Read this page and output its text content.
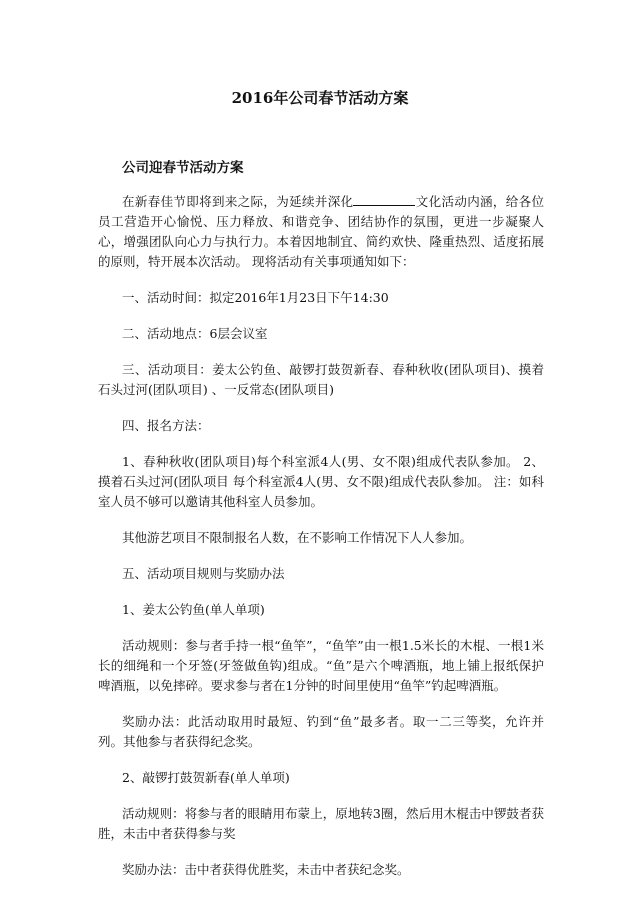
2016年公司春节活动方案
公司迎春节活动方案

在新春佳节即将到来之际，为延续并深化	文化活动内涵，给各位员工营造开心愉悦、压力释放、和谐竞争、团结协作的氛围，更进一步凝聚人心，增强团队向心力与执行力。本着因地制宜、简约欢快、隆重热烈、适度拓展的原则，特开展本次活动。 现将活动有关事项通知如下：

一、活动时间：拟定2016年1月23日下午14:30

二、活动地点：6层会议室

三、活动项目：姜太公钓鱼、敲锣打鼓贺新春、春种秋收(团队项目)、摸着石头过河(团队项目) 、一反常态(团队项目)

四、报名方法：

1、春种秋收(团队项目)每个科室派4人(男、女不限)组成代表队参加。 2、摸着石头过河(团队项目 每个科室派4人(男、女不限)组成代表队参加。 注：如科室人员不够可以邀请其他科室人员参加。

其他游艺项目不限制报名人数，在不影响工作情况下人人参加。

五、活动项目规则与奖励办法

1、姜太公钓鱼(单人单项)

活动规则：参与者手持一根“鱼竿”，“鱼竿”由一根1.5米长的木棍、一根1米长的细绳和一个牙签(牙签做鱼钩)组成。“鱼”是六个啤酒瓶，地上铺上报纸保护啤酒瓶，以免摔碎。要求参与者在1分钟的时间里使用“鱼竿”钓起啤酒瓶。

奖励办法：此活动取用时最短、钓到“鱼”最多者。取一二三等奖，允许并列。其他参与者获得纪念奖。

2、敲锣打鼓贺新春(单人单项)

活动规则：将参与者的眼睛用布蒙上，原地转3圈，然后用木棍击中锣鼓者获胜，未击中者获得参与奖

奖励办法：击中者获得优胜奖，未击中者获纪念奖。
